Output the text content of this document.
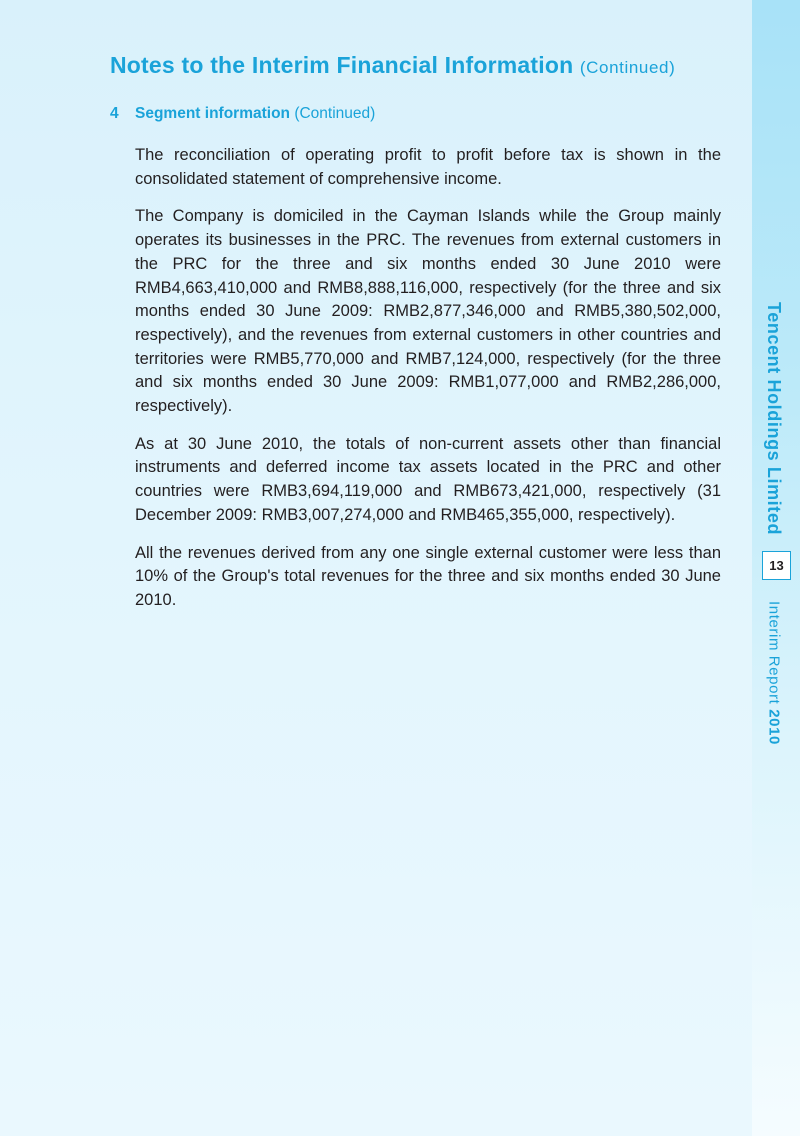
Notes to the Interim Financial Information (Continued)
4 Segment information (Continued)

The reconciliation of operating profit to profit before tax is shown in the consolidated statement of comprehensive income.

The Company is domiciled in the Cayman Islands while the Group mainly operates its businesses in the PRC. The revenues from external customers in the PRC for the three and six months ended 30 June 2010 were RMB4,663,410,000 and RMB8,888,116,000, respectively (for the three and six months ended 30 June 2009: RMB2,877,346,000 and RMB5,380,502,000, respectively), and the revenues from external customers in other countries and territories were RMB5,770,000 and RMB7,124,000, respectively (for the three and six months ended 30 June 2009: RMB1,077,000 and RMB2,286,000, respectively).

As at 30 June 2010, the totals of non-current assets other than financial instruments and deferred income tax assets located in the PRC and other countries were RMB3,694,119,000 and RMB673,421,000, respectively (31 December 2009: RMB3,007,274,000 and RMB465,355,000, respectively).

All the revenues derived from any one single external customer were less than 10% of the Group's total revenues for the three and six months ended 30 June 2010.

Tencent Holdings Limited
13
Interim Report 2010
